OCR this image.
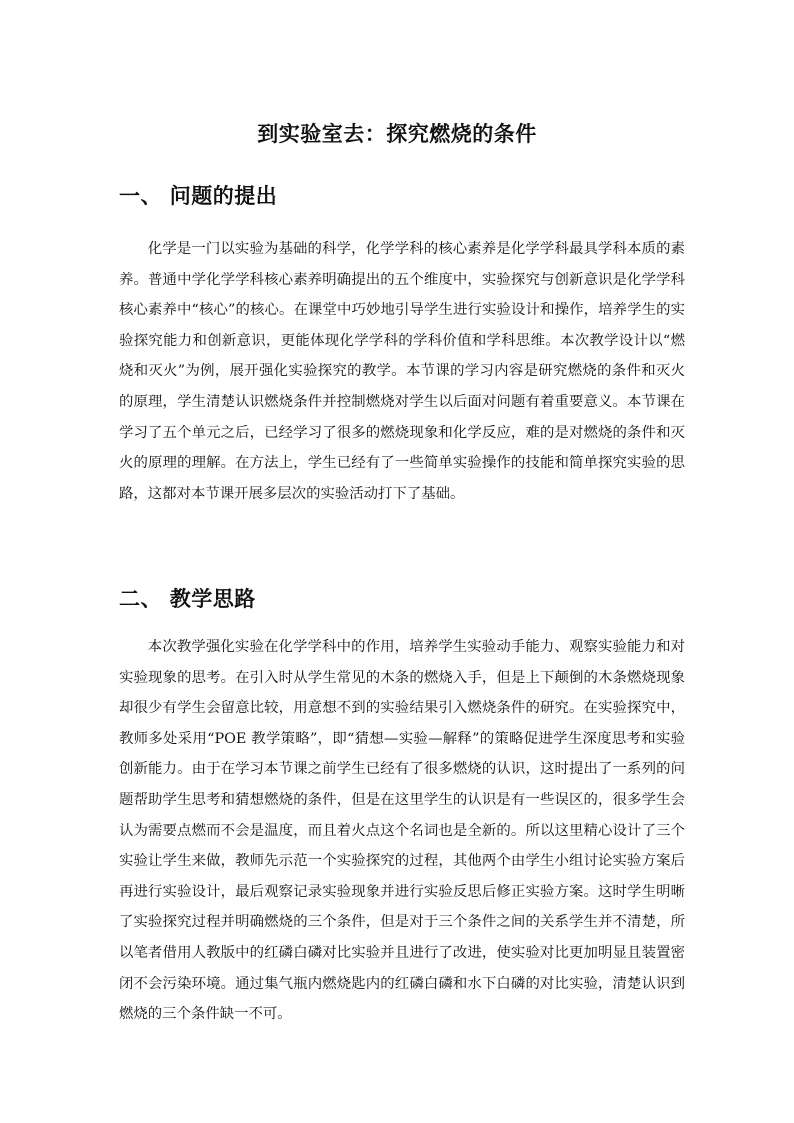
到实验室去：探究燃烧的条件
一、 问题的提出

化学是一门以实验为基础的科学，化学学科的核心素养是化学学科最具学科本质的素养。普通中学化学学科核心素养明确提出的五个维度中，实验探究与创新意识是化学学科核心素养中“核心”的核心。在课堂中巧妙地引导学生进行实验设计和操作，培养学生的实验探究能力和创新意识，更能体现化学学科的学科价值和学科思维。本次教学设计以“燃烧和灭火”为例，展开强化实验探究的教学。本节课的学习内容是研究燃烧的条件和灭火的原理，学生清楚认识燃烧条件并控制燃烧对学生以后面对问题有着重要意义。本节课在学习了五个单元之后，已经学习了很多的燃烧现象和化学反应，难的是对燃烧的条件和灭火的原理的理解。在方法上，学生已经有了一些简单实验操作的技能和简单探究实验的思路，这都对本节课开展多层次的实验活动打下了基础。

二、 教学思路

本次教学强化实验在化学学科中的作用，培养学生实验动手能力、观察实验能力和对实验现象的思考。在引入时从学生常见的木条的燃烧入手，但是上下颠倒的木条燃烧现象却很少有学生会留意比较，用意想不到的实验结果引入燃烧条件的研究。在实验探究中，教师多处采用“POE 教学策略”，即“猜想—实验—解释”的策略促进学生深度思考和实验创新能力。由于在学习本节课之前学生已经有了很多燃烧的认识，这时提出了一系列的问题帮助学生思考和猜想燃烧的条件，但是在这里学生的认识是有一些误区的，很多学生会认为需要点燃而不会是温度，而且着火点这个名词也是全新的。所以这里精心设计了三个实验让学生来做，教师先示范一个实验探究的过程，其他两个由学生小组讨论实验方案后再进行实验设计，最后观察记录实验现象并进行实验反思后修正实验方案。这时学生明晰了实验探究过程并明确燃烧的三个条件，但是对于三个条件之间的关系学生并不清楚，所以笔者借用人教版中的红磷白磷对比实验并且进行了改进，使实验对比更加明显且装置密闭不会污染环境。通过集气瓶内燃烧匙内的红磷白磷和水下白磷的对比实验，清楚认识到燃烧的三个条件缺一不可。
